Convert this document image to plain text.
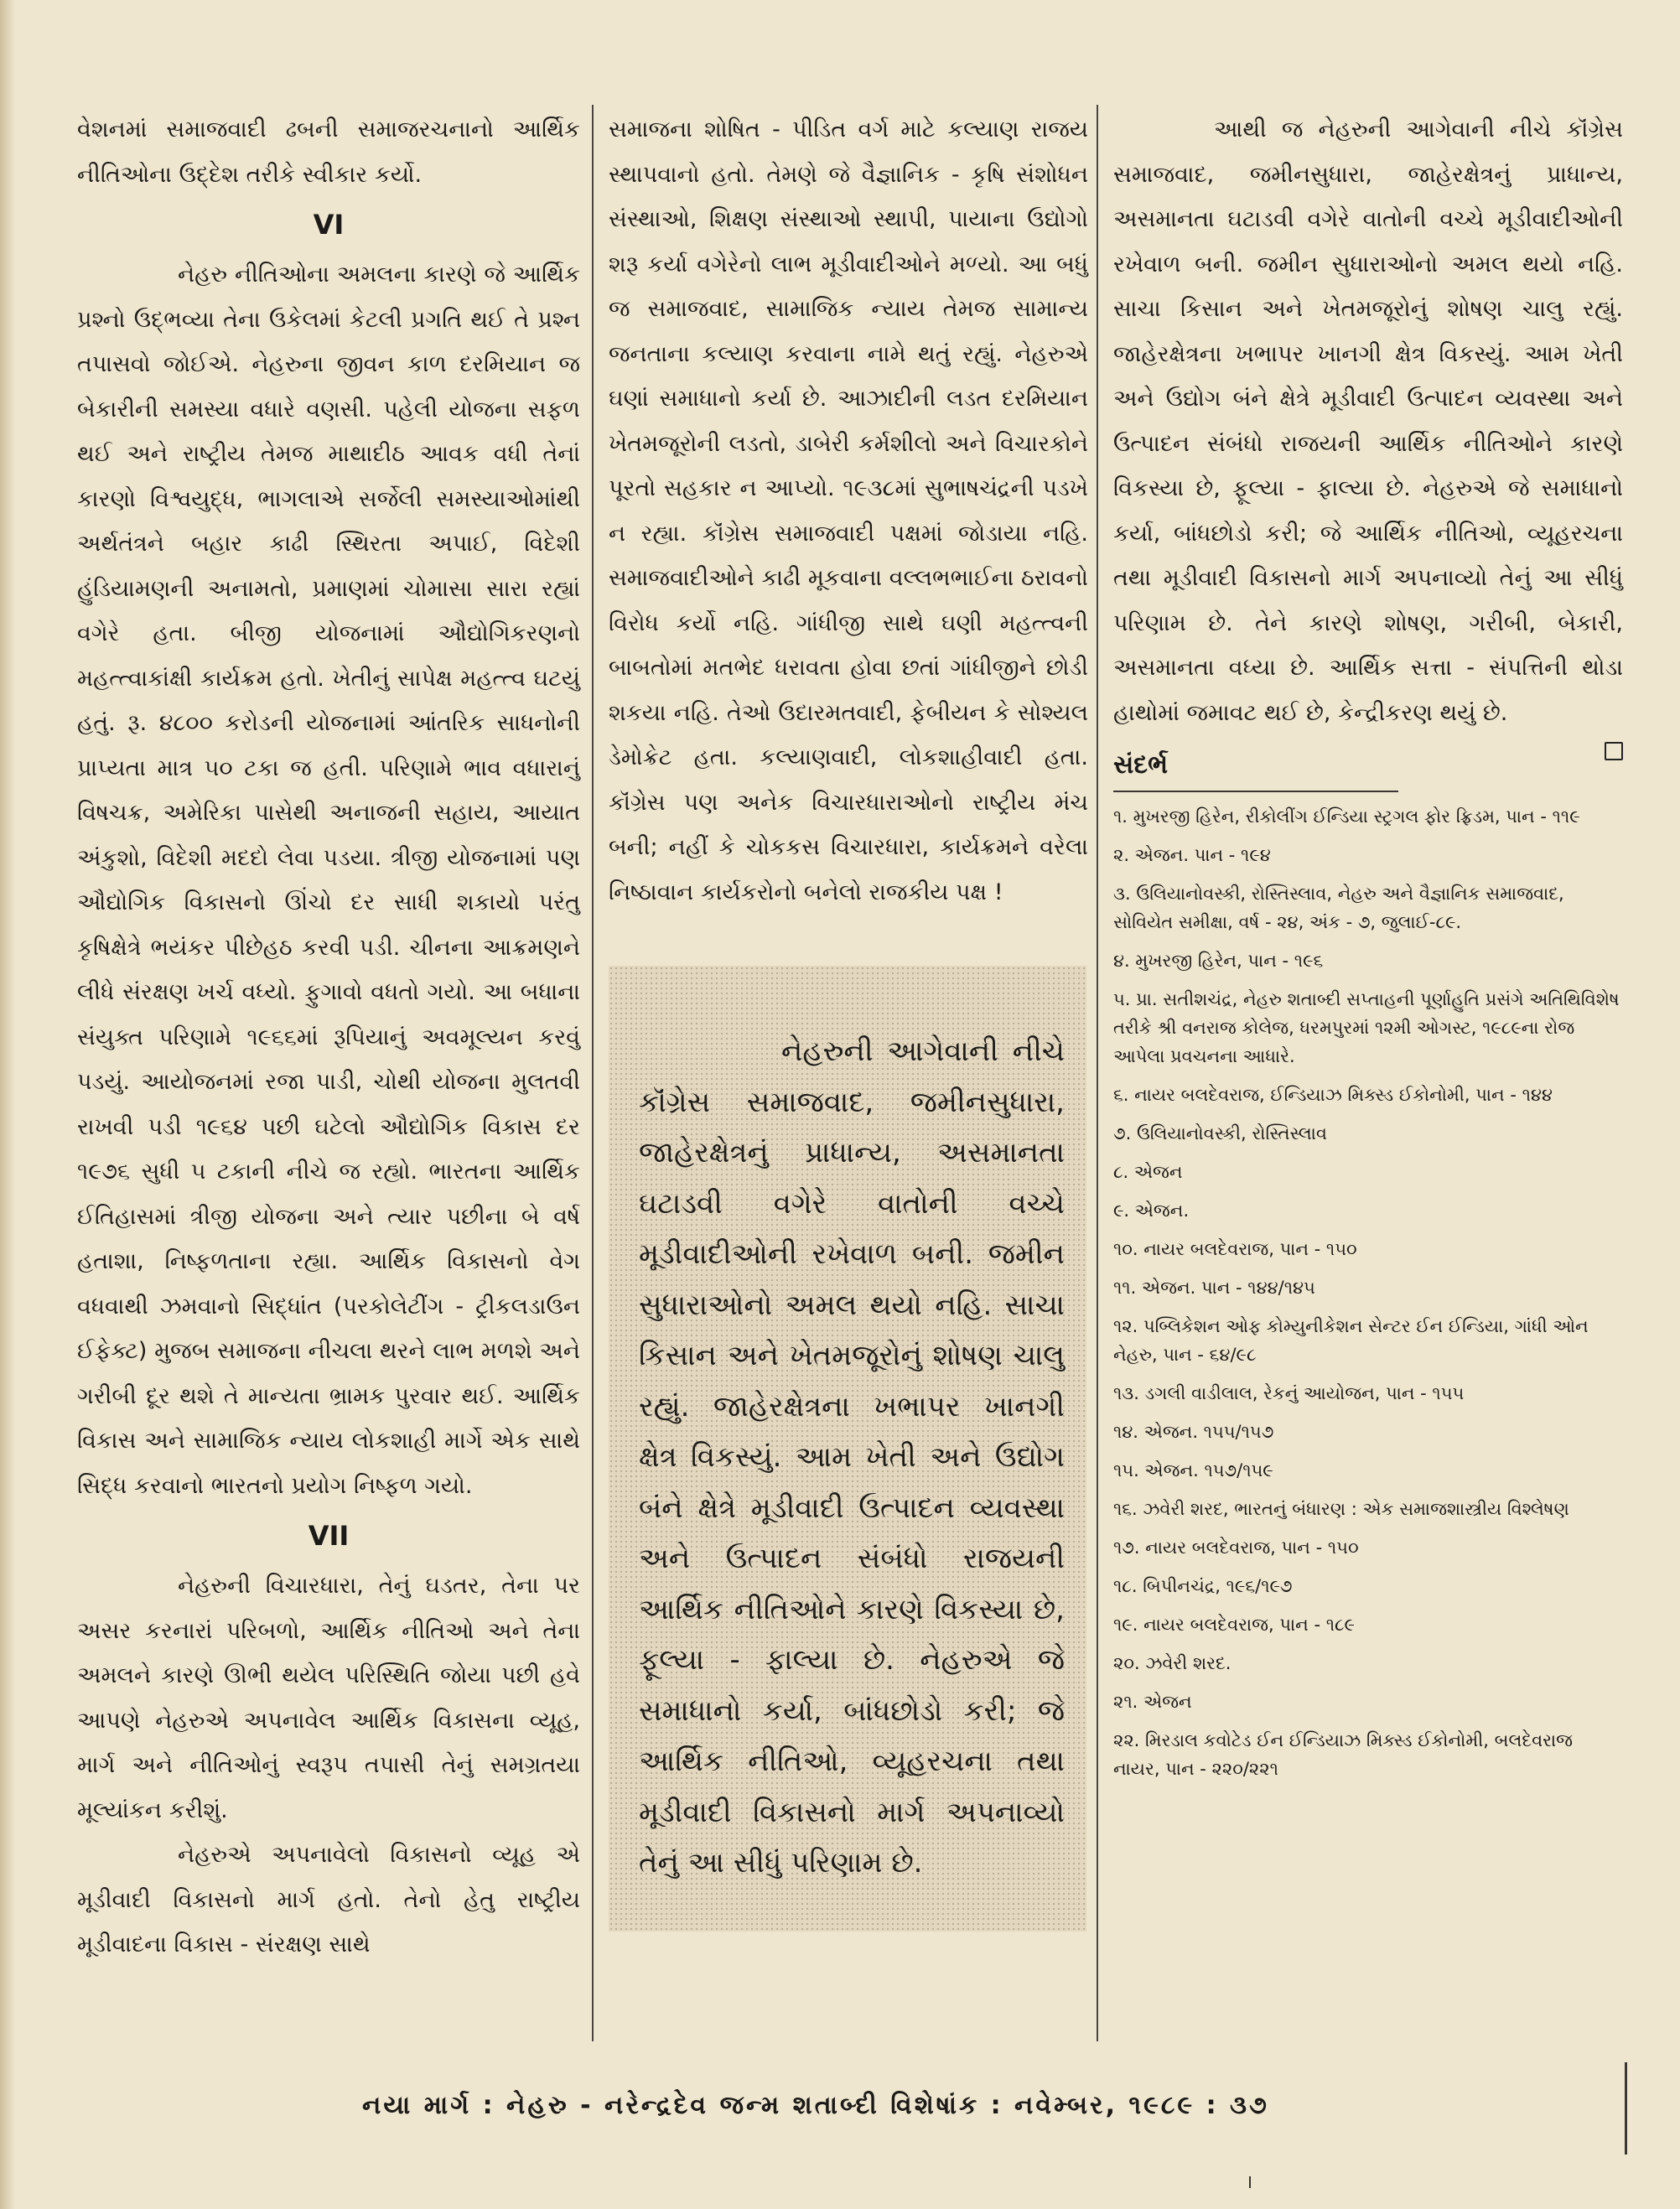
વેશનમાં સમાજવાદી ઢબની સમાજરચનાનો આર્થિક નીતિઓના ઉદ્દેશ તરીકે સ્વીકાર કર્યો.

VI

નેહરુ નીતિઓના અમલના કારણે જે આર્થિક પ્રશ્નો ઉદ્ભવ્યા તેના ઉકેલમાં કેટલી પ્રગતિ થઈ તે પ્રશ્ન તપાસવો જોઈએ. નેહરુના જીવન કાળ દરમિયાન જ બેકારીની સમસ્યા વધારે વણસી. પહેલી યોજના સફળ થઈ અને રાષ્ટ્રીય તેમજ માથાદીઠ આવક વધી તેનાં કારણો વિશ્વયુદ્ધ, ભાગલાએ સર્જેલી સમસ્યાઓમાંથી અર્થતંત્રને બહાર કાઢી સ્થિરતા અપાઈ, વિદેશી હુંડિયામણની અનામતો, પ્રમાણમાં ચોમાસા સારા રહ્યાં વગેરે હતા. બીજી યોજનામાં ઔદ્યોગિકરણનો મહત્ત્વાકાંક્ષી કાર્યક્રમ હતો. ખેતીનું સાપેક્ષ મહત્ત્વ ઘટયું હતું. રૂ. ૪૮૦૦ કરોડની યોજનામાં આંતરિક સાધનોની પ્રાપ્યતા માત્ર ૫૦ ટકા જ હતી. પરિણામે ભાવ વધારાનું વિષચક્ર, અમેરિકા પાસેથી અનાજની સહાય, આયાત અંકુશો, વિદેશી મદદો લેવા પડયા. ત્રીજી યોજનામાં પણ ઔદ્યોગિક વિકાસનો ઊંચો દર સાધી શકાયો પરંતુ કૃષિક્ષેત્રે ભયંકર પીછેહઠ કરવી પડી. ચીનના આક્રમણને લીધે સંરક્ષણ ખર્ચ વધ્યો. ફુગાવો વધતો ગયો. આ બધાના સંયુક્ત પરિણામે ૧૯૬૬માં રૂપિયાનું અવમૂલ્યન કરવું પડયું. આયોજનમાં રજા પાડી, ચોથી યોજના મુલતવી રાખવી પડી ૧૯૬૪ પછી ઘટેલો ઔદ્યોગિક વિકાસ દર ૧૯૭૬ સુધી ૫ ટકાની નીચે જ રહ્યો. ભારતના આર્થિક ઈતિહાસમાં ત્રીજી યોજના અને ત્યાર પછીના બે વર્ષ હતાશા, નિષ્ફળતાના રહ્યા. આર્થિક વિકાસનો વેગ વધવાથી ઝમવાનો સિદ્ધાંત (પરકોલેટીંગ - ટ્રીકલડાઉન ઈફેક્ટ) મુજબ સમાજના નીચલા થરને લાભ મળશે અને ગરીબી દૂર થશે તે માન્યતા ભ્રામક પુરવાર થઈ. આર્થિક વિકાસ અને સામાજિક ન્યાય લોકશાહી માર્ગે એક સાથે સિદ્ધ કરવાનો ભારતનો પ્રયોગ નિષ્ફળ ગયો.

VII

નેહરુની વિચારધારા, તેનું ઘડતર, તેના પર અસર કરનારાં પરિબળો, આર્થિક નીતિઓ અને તેના અમલને કારણે ઊભી થયેલ પરિસ્થિતિ જોયા પછી હવે આપણે નેહરુએ અપનાવેલ આર્થિક વિકાસના વ્યૂહ, માર્ગ અને નીતિઓનું સ્વરૂપ તપાસી તેનું સમગ્રતયા મૂલ્યાંકન કરીશું.

નેહરુએ અપનાવેલો વિકાસનો વ્યૂહ એ મૂડીવાદી વિકાસનો માર્ગ હતો. તેનો હેતુ રાષ્ટ્રીય મૂડીવાદના વિકાસ - સંરક્ષણ સાથે

સમાજના શોષિત - પીડિત વર્ગ માટે કલ્યાણ રાજય સ્થાપવાનો હતો. તેમણે જે વૈજ્ઞાનિક - કૃષિ સંશોધન સંસ્થાઓ, શિક્ષણ સંસ્થાઓ સ્થાપી, પાયાના ઉદ્યોગો શરૂ કર્યા વગેરેનો લાભ મૂડીવાદીઓને મળ્યો. આ બધું જ સમાજવાદ, સામાજિક ન્યાય તેમજ સામાન્ય જનતાના કલ્યાણ કરવાના નામે થતું રહ્યું. નેહરુએ ઘણાં સમાધાનો કર્યા છે. આઝાદીની લડત દરમિયાન ખેતમજૂરોની લડતો, ડાબેરી કર્મશીલો અને વિચારકોને પૂરતો સહકાર ન આપ્યો. ૧૯૩૮માં સુભાષચંદ્રની પડખે ન રહ્યા. કૉંગ્રેસ સમાજવાદી પક્ષમાં જોડાયા નહિ. સમાજવાદીઓને કાઢી મૂકવાના વલ્લભભાઈના ઠરાવનો વિરોધ કર્યો નહિ. ગાંધીજી સાથે ઘણી મહત્ત્વની બાબતોમાં મતભેદ ધરાવતા હોવા છતાં ગાંધીજીને છોડી શકયા નહિ. તેઓ ઉદારમતવાદી, ફેબીયન કે સોશ્યલ ડેમોક્રેટ હતા. કલ્યાણવાદી, લોકશાહીવાદી હતા. કૉંગ્રેસ પણ અનેક વિચારધારાઓનો રાષ્ટ્રીય મંચ બની; નહીં કે ચોકકસ વિચારધારા, કાર્યક્રમને વરેલા નિષ્ઠાવાન કાર્યકરોનો બનેલો રાજકીય પક્ષ !

નેહરુની આગેવાની નીચે કૉંગ્રેસ સમાજવાદ, જમીનસુધારા, જાહેરક્ષેત્રનું પ્રાધાન્ય, અસમાનતા ઘટાડવી વગેરે વાતોની વચ્ચે મૂડીવાદીઓની રખેવાળ બની. જમીન સુધારાઓનો અમલ થયો નહિ. સાચા કિસાન અને ખેતમજૂરોનું શોષણ ચાલુ રહ્યું. જાહેરક્ષેત્રના ખભાપર ખાનગી ક્ષેત્ર વિકસ્યું. આમ ખેતી અને ઉદ્યોગ બંને ક્ષેત્રે મૂડીવાદી ઉત્પાદન વ્યવસ્થા અને ઉત્પાદન સંબંધો રાજયની આર્થિક નીતિઓને કારણે વિકસ્યા છે, ફૂલ્યા - ફાલ્યા છે. નેહરુએ જે સમાધાનો કર્યા, બાંધછોડો કરી; જે આર્થિક નીતિઓ, વ્યૂહરચના તથા મૂડીવાદી વિકાસનો માર્ગ અપનાવ્યો તેનું આ સીધું પરિણામ છે.

આથી જ નેહરુની આગેવાની નીચે કૉંગ્રેસ સમાજવાદ, જમીનસુધારા, જાહેરક્ષેત્રનું પ્રાધાન્ય, અસમાનતા ઘટાડવી વગેરે વાતોની વચ્ચે મૂડીવાદીઓની રખેવાળ બની. જમીન સુધારાઓનો અમલ થયો નહિ. સાચા કિસાન અને ખેતમજૂરોનું શોષણ ચાલુ રહ્યું. જાહેરક્ષેત્રના ખભાપર ખાનગી ક્ષેત્ર વિકસ્યું. આમ ખેતી અને ઉદ્યોગ બંને ક્ષેત્રે મૂડીવાદી ઉત્પાદન વ્યવસ્થા અને ઉત્પાદન સંબંધો રાજયની આર્થિક નીતિઓને કારણે વિકસ્યા છે, ફૂલ્યા - ફાલ્યા છે. નેહરુએ જે સમાધાનો કર્યા, બાંધછોડો કરી; જે આર્થિક નીતિઓ, વ્યૂહરચના તથા મૂડીવાદી વિકાસનો માર્ગ અપનાવ્યો તેનું આ સીધું પરિણામ છે. તેને કારણે શોષણ, ગરીબી, બેકારી, અસમાનતા વધ્યા છે. આર્થિક સત્તા - સંપત્તિની થોડા હાથોમાં જમાવટ થઈ છે, કેન્દ્રીકરણ થયું છે.

સંદર્ભ
૧. મુખરજી હિરેન, રીકોલીંગ ઈન્ડિયા સ્ટ્રગલ ફોર ફ્રિડમ, પાન - ૧૧૯
૨. એજન. પાન - ૧૯૪
૩. ઉલિયાનોવસ્કી, રોસ્તિસ્લાવ, નેહરુ અને વૈજ્ઞાનિક સમાજવાદ, સોવિયેત સમીક્ષા, વર્ષ - ૨૪, અંક - ૭, જુલાઈ-૮૯.
૪. મુખરજી હિરેન, પાન - ૧૯૬
૫. પ્રા. સતીશચંદ્ર, નેહરુ શતાબ્દી સપ્તાહની પૂર્ણાહુતિ પ્રસંગે અતિથિવિશેષ તરીકે શ્રી વનરાજ કોલેજ, ધરમપુરમાં ૧૨મી ઓગસ્ટ, ૧૯૮૯ના રોજ આપેલા પ્રવચનના આધારે.
૬. નાયર બલદેવરાજ, ઈન્ડિયાઝ મિક્સ્ડ ઈકોનોમી, પાન - ૧૪૪
૭. ઉલિયાનોવસ્કી, રોસ્તિસ્લાવ
૮. એજન
૯. એજન.
૧૦. નાયર બલદેવરાજ, પાન - ૧૫૦
૧૧. એજન. પાન - ૧૪૪/૧૪૫
૧૨. પબ્લિકેશન ઓફ કોમ્યુનીકેશન સેન્ટર ઈન ઈન્ડિયા, ગાંધી ઓન નેહરુ, પાન - ૬૪/૯૮
૧૩. ડગલી વાડીલાલ, રેકનું આયોજન, પાન - ૧૫૫
૧૪. એજન. ૧૫૫/૧૫૭
૧૫. એજન. ૧૫૭/૧૫૯
૧૬. ઝવેરી શરદ, ભારતનું બંધારણ : એક સમાજશાસ્ત્રીય વિશ્લેષણ
૧૭. નાયર બલદેવરાજ, પાન - ૧૫૦
૧૮. બિપીનચંદ્ર, ૧૯૬/૧૯૭
૧૯. નાયર બલદેવરાજ, પાન - ૧૮૯
૨૦. ઝવેરી શરદ.
૨૧. એજન
૨૨. મિરડાલ કવોટેડ ઈન ઈન્ડિયાઝ મિક્સ્ડ ઈકોનોમી, બલદેવરાજ નાયર, પાન - ૨૨૦/૨૨૧
નયા માર્ગ : નેહરુ - નરેન્દ્રદેવ જન્મ શતાબ્દી વિશેષાંક : નવેમ્બર, ૧૯૮૯ : ૩૭
